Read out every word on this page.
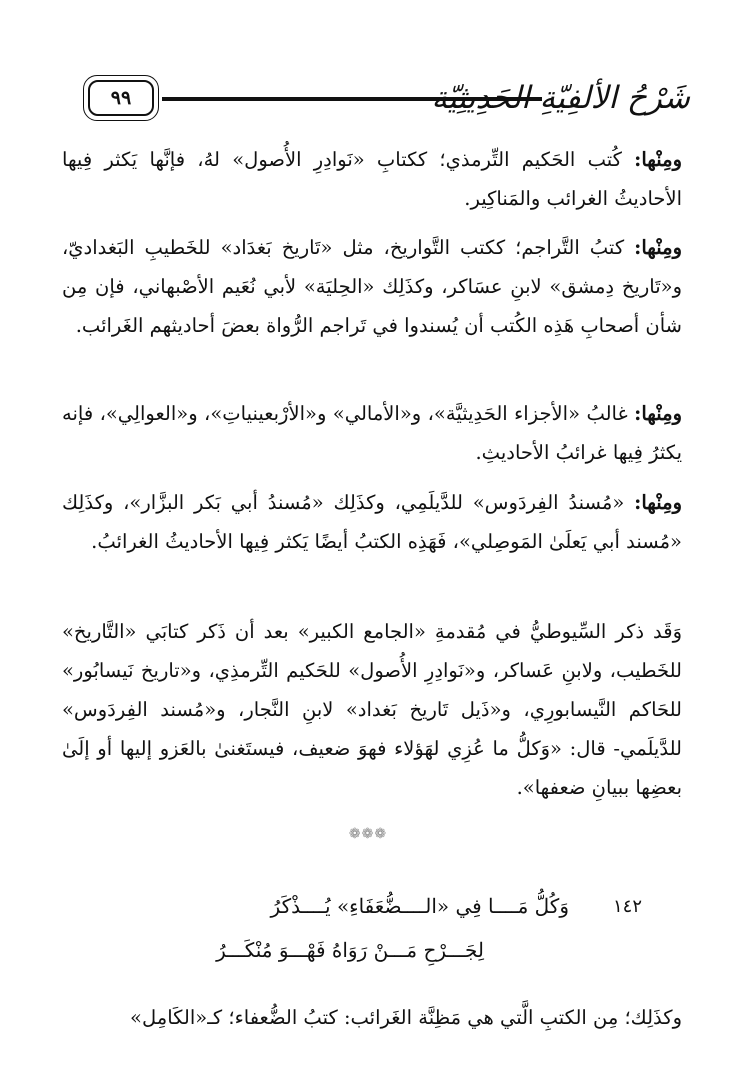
٩٩	شَرْحُ الألفِيّةِ الحَدِيثِيّة

ومِنْها: كُتب الحَكيم التِّرمذي؛ ككتابِ «نَوادِرِ الأُصول» لهُ، فإنَّها يَكثر فِيها الأحاديثُ الغرائب والمَناكِير.

ومِنْها: كتبُ التَّراجم؛ ككتب التَّواريخ، مثل «تَاريخ بَغدَاد» للخَطيبِ البَغداديّ، و«تَاريخ دِمشق» لابنِ عسَاكر، وكذَلِك «الحِليَة» لأبي نُعَيم الأصْبهاني، فإن مِن شأن أصحابِ هَذِه الكُتب أن يُسندوا في تَراجم الرُّواة بعضَ أحاديثهم الغَرائب.

ومِنْها: غالبُ «الأجزاء الحَدِيثيَّة»، و«الأمالي» و«الأرْبعينياتِ»، و«العوالِي»، فإنه يكثرُ فِيها غرائبُ الأحاديثِ.

ومِنْها: «مُسندُ الفِردَوس» للدَّيلَمِي، وكذَلِك «مُسندُ أبي بَكر البزَّار»، وكذَلِك «مُسند أبي يَعلَىٰ المَوصِلي»، فَهَذِه الكتبُ أيضًا يَكثر فِيها الأحاديثُ الغرائبُ.

وَقَد ذكر السِّيوطيُّ في مُقدمةِ «الجامع الكبير» بعد أن ذَكر كتابَي «التَّاريخ» للخَطيب، ولابنِ عَساكر، و«نَوادِرِ الأُصول» للحَكيم التِّرمذِي، و«تاريخ نَيسابُور» للحَاكم النَّيسابورِي، و«ذَيل تَاريخ بَغداد» لابنِ النَّجار، و«مُسند الفِردَوس» للدَّيلَمي- قال: «وَكلُّ ما عُزِي لهَؤلاء فهوَ ضعيف، فيستَغنىٰ بالعَزو إليها أو إلَىٰ بعضِها ببيانِ ضعفها».

❁❁❁
١٤٢
وَكُلُّ مَــــا فِي «الــــضُّعَفَاءِ» يُــــذْكَرُ
لِجَـــرْحِ مَـــنْ رَوَاهُ فَهْـــوَ مُنْكَـــرُ
وكذَلِك؛ مِن الكتبِ الَّتي هي مَظِنَّة الغَرائب: كتبُ الضُّعفاء؛ كـ«الكَامِل»
